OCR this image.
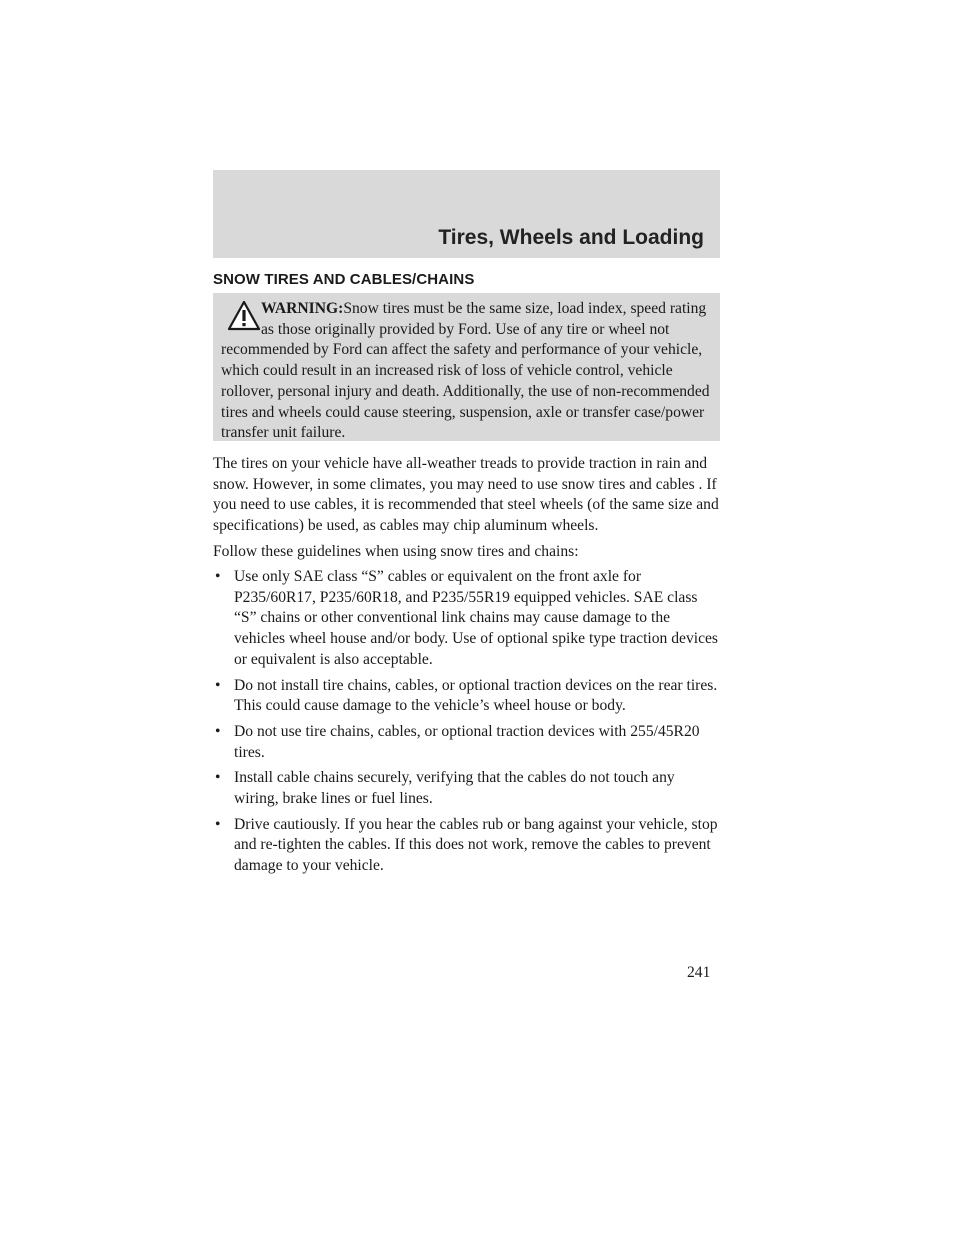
Tires, Wheels and Loading
SNOW TIRES AND CABLES/CHAINS

WARNING:Snow tires must be the same size, load index, speed rating as those originally provided by Ford. Use of any tire or wheel not recommended by Ford can affect the safety and performance of your vehicle, which could result in an increased risk of loss of vehicle control, vehicle rollover, personal injury and death. Additionally, the use of non-recommended tires and wheels could cause steering, suspension, axle or transfer case/power transfer unit failure.

The tires on your vehicle have all-weather treads to provide traction in rain and snow. However, in some climates, you may need to use snow tires and cables . If you need to use cables, it is recommended that steel wheels (of the same size and specifications) be used, as cables may chip aluminum wheels.

Follow these guidelines when using snow tires and chains:

• Use only SAE class “S” cables or equivalent on the front axle for P235/60R17, P235/60R18, and P235/55R19 equipped vehicles. SAE class “S” chains or other conventional link chains may cause damage to the vehicles wheel house and/or body. Use of optional spike type traction devices or equivalent is also acceptable.
• Do not install tire chains, cables, or optional traction devices on the rear tires. This could cause damage to the vehicle’s wheel house or body.
• Do not use tire chains, cables, or optional traction devices with 255/45R20 tires.
• Install cable chains securely, verifying that the cables do not touch any wiring, brake lines or fuel lines.
• Drive cautiously. If you hear the cables rub or bang against your vehicle, stop and re-tighten the cables. If this does not work, remove the cables to prevent damage to your vehicle.
241
